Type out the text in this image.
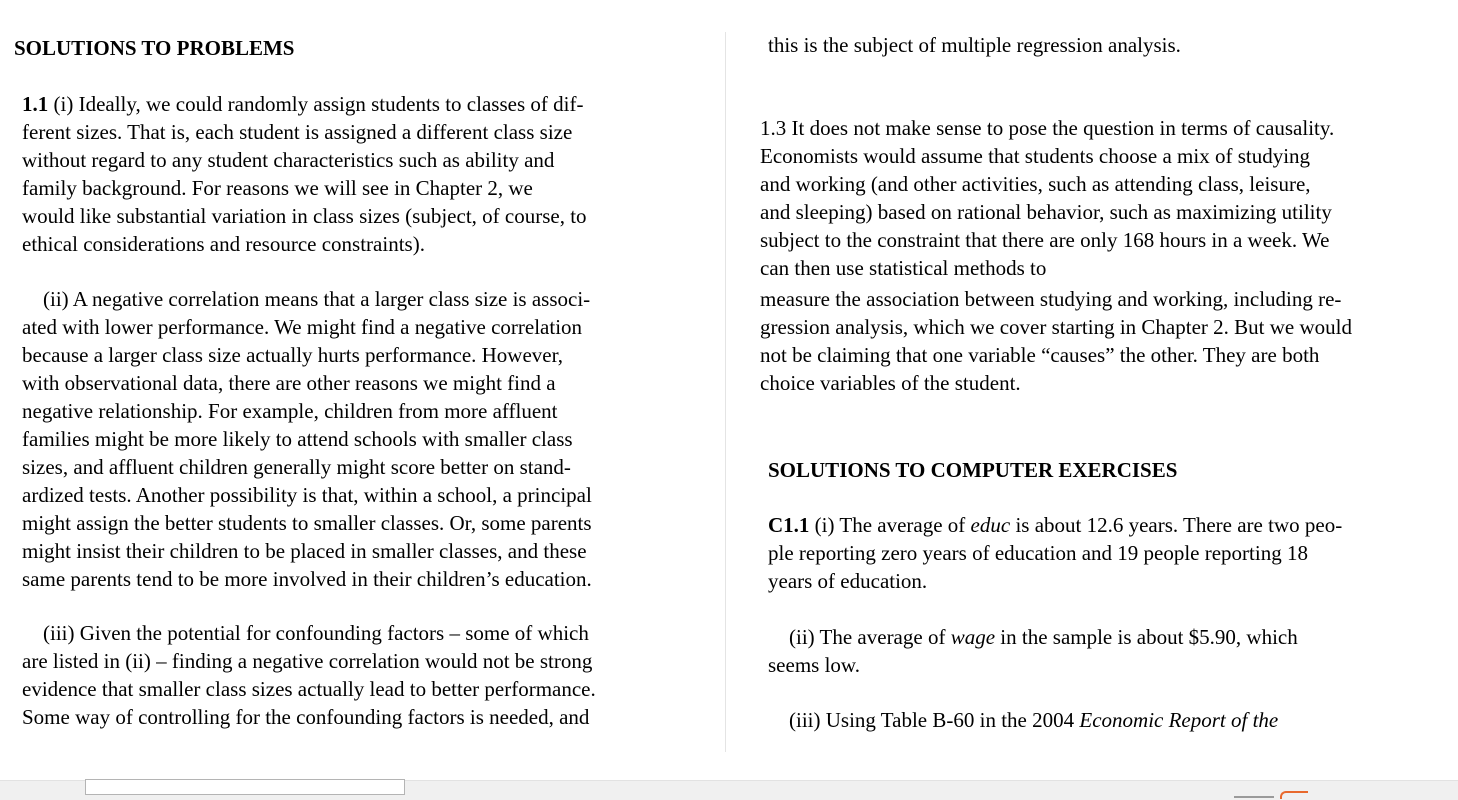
SOLUTIONS TO PROBLEMS
1.1 (i) Ideally, we could randomly assign students to classes of dif-
ferent sizes. That is, each student is assigned a different class size
without regard to any student characteristics such as ability and
family background. For reasons we will see in Chapter 2, we
would like substantial variation in class sizes (subject, of course, to
ethical considerations and resource constraints).
(ii) A negative correlation means that a larger class size is associ-
ated with lower performance. We might find a negative correlation
because a larger class size actually hurts performance. However,
with observational data, there are other reasons we might find a
negative relationship. For example, children from more affluent
families might be more likely to attend schools with smaller class
sizes, and affluent children generally might score better on stand-
ardized tests. Another possibility is that, within a school, a principal
might assign the better students to smaller classes. Or, some parents
might insist their children to be placed in smaller classes, and these
same parents tend to be more involved in their children’s education.
(iii) Given the potential for confounding factors – some of which
are listed in (ii) – finding a negative correlation would not be strong
evidence that smaller class sizes actually lead to better performance.
Some way of controlling for the confounding factors is needed, and
this is the subject of multiple regression analysis.
1.3 It does not make sense to pose the question in terms of causality.
Economists would assume that students choose a mix of studying
and working (and other activities, such as attending class, leisure,
and sleeping) based on rational behavior, such as maximizing utility
subject to the constraint that there are only 168 hours in a week. We
can then use statistical methods to
measure the association between studying and working, including re-
gression analysis, which we cover starting in Chapter 2. But we would
not be claiming that one variable “causes” the other. They are both
choice variables of the student.
SOLUTIONS TO COMPUTER EXERCISES
C1.1 (i) The average of educ is about 12.6 years. There are two peo-
ple reporting zero years of education and 19 people reporting 18
years of education.
(ii) The average of wage in the sample is about $5.90, which
seems low.
(iii) Using Table B-60 in the 2004 Economic Report of the
